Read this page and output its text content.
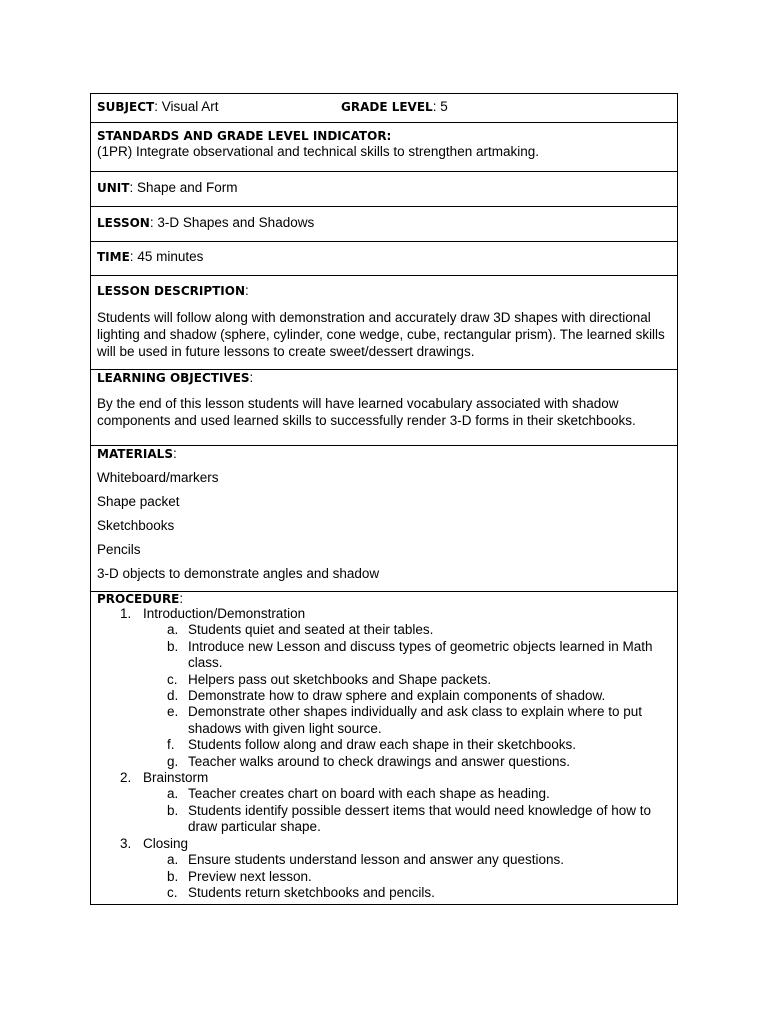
SUBJECT: Visual Art	GRADE LEVEL: 5
STANDARDS AND GRADE LEVEL INDICATOR:
(1PR) Integrate observational and technical skills to strengthen artmaking.
UNIT: Shape and Form
LESSON: 3-D Shapes and Shadows
TIME: 45 minutes
LESSON DESCRIPTION:
Students will follow along with demonstration and accurately draw 3D shapes with directional lighting and shadow (sphere, cylinder, cone wedge, cube, rectangular prism). The learned skills will be used in future lessons to create sweet/dessert drawings.
LEARNING OBJECTIVES:
By the end of this lesson students will have learned vocabulary associated with shadow components and used learned skills to successfully render 3-D forms in their sketchbooks.
MATERIALS:
Whiteboard/markers
Shape packet
Sketchbooks
Pencils
3-D objects to demonstrate angles and shadow
PROCEDURE:
1. Introduction/Demonstration
a. Students quiet and seated at their tables.
b. Introduce new Lesson and discuss types of geometric objects learned in Math class.
c. Helpers pass out sketchbooks and Shape packets.
d. Demonstrate how to draw sphere and explain components of shadow.
e. Demonstrate other shapes individually and ask class to explain where to put shadows with given light source.
f. Students follow along and draw each shape in their sketchbooks.
g. Teacher walks around to check drawings and answer questions.
2. Brainstorm
a. Teacher creates chart on board with each shape as heading.
b. Students identify possible dessert items that would need knowledge of how to draw particular shape.
3. Closing
a. Ensure students understand lesson and answer any questions.
b. Preview next lesson.
c. Students return sketchbooks and pencils.
